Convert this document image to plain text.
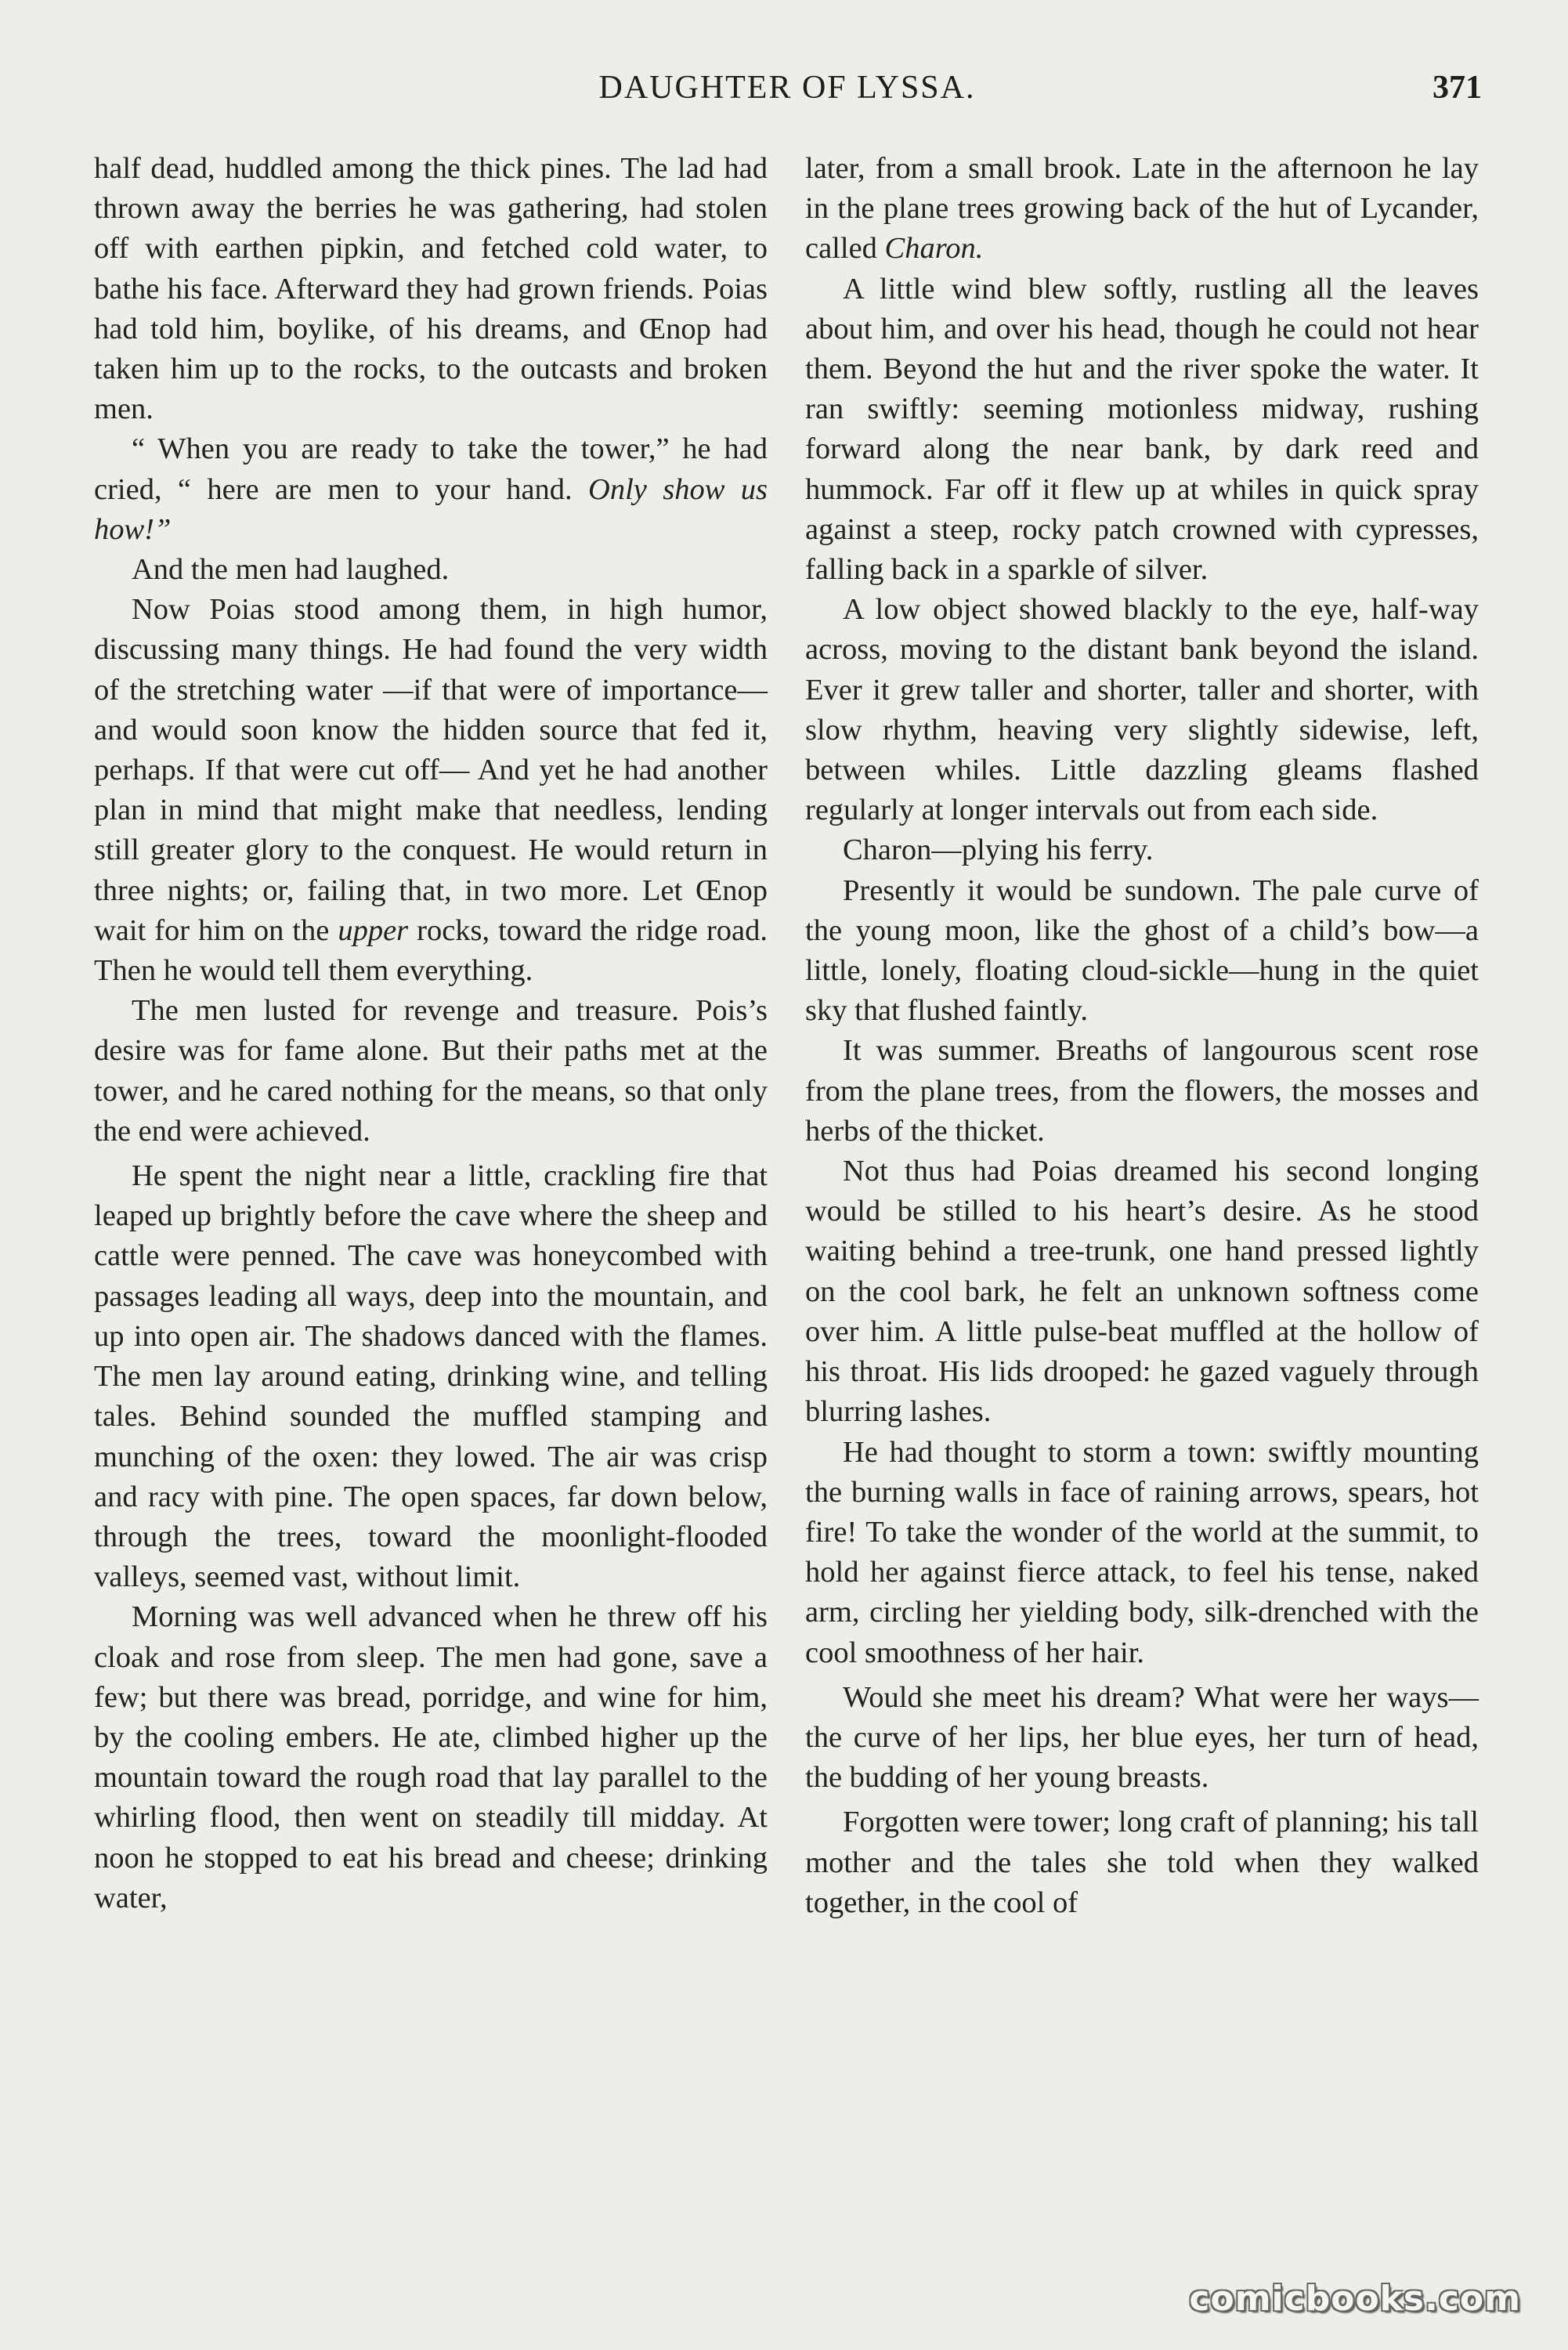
DAUGHTER OF LYSSA.	371

half dead, huddled among the thick pines. The lad had thrown away the berries he was gathering, had stolen off with earthen pipkin, and fetched cold water, to bathe his face. Afterward they had grown friends. Poias had told him, boylike, of his dreams, and Œnop had taken him up to the rocks, to the outcasts and broken men.

“ When you are ready to take the tower,” he had cried, “ here are men to your hand. Only show us how!”

And the men had laughed.

Now Poias stood among them, in high humor, discussing many things. He had found the very width of the stretching water —if that were of importance—and would soon know the hidden source that fed it, perhaps. If that were cut off— And yet he had another plan in mind that might make that needless, lending still greater glory to the conquest. He would return in three nights; or, failing that, in two more. Let Œnop wait for him on the upper rocks, toward the ridge road. Then he would tell them everything.

The men lusted for revenge and treasure. Pois’s desire was for fame alone. But their paths met at the tower, and he cared nothing for the means, so that only the end were achieved.

He spent the night near a little, crackling fire that leaped up brightly before the cave where the sheep and cattle were penned. The cave was honeycombed with passages leading all ways, deep into the mountain, and up into open air. The shadows danced with the flames. The men lay around eating, drinking wine, and telling tales. Behind sounded the muffled stamping and munching of the oxen: they lowed. The air was crisp and racy with pine. The open spaces, far down below, through the trees, toward the moonlight-flooded valleys, seemed vast, without limit.

Morning was well advanced when he threw off his cloak and rose from sleep. The men had gone, save a few; but there was bread, porridge, and wine for him, by the cooling embers. He ate, climbed higher up the mountain toward the rough road that lay parallel to the whirling flood, then went on steadily till midday. At noon he stopped to eat his bread and cheese; drinking water,

later, from a small brook. Late in the afternoon he lay in the plane trees growing back of the hut of Lycander, called Charon.

A little wind blew softly, rustling all the leaves about him, and over his head, though he could not hear them. Beyond the hut and the river spoke the water. It ran swiftly: seeming motionless midway, rushing forward along the near bank, by dark reed and hummock. Far off it flew up at whiles in quick spray against a steep, rocky patch crowned with cypresses, falling back in a sparkle of silver.

A low object showed blackly to the eye, half-way across, moving to the distant bank beyond the island. Ever it grew taller and shorter, taller and shorter, with slow rhythm, heaving very slightly sidewise, left, between whiles. Little dazzling gleams flashed regularly at longer intervals out from each side.

Charon—plying his ferry.

Presently it would be sundown. The pale curve of the young moon, like the ghost of a child’s bow—a little, lonely, floating cloud-sickle—hung in the quiet sky that flushed faintly.

It was summer. Breaths of langourous scent rose from the plane trees, from the flowers, the mosses and herbs of the thicket.

Not thus had Poias dreamed his second longing would be stilled to his heart’s desire. As he stood waiting behind a tree-trunk, one hand pressed lightly on the cool bark, he felt an unknown softness come over him. A little pulse-beat muffled at the hollow of his throat. His lids drooped: he gazed vaguely through blurring lashes.

He had thought to storm a town: swiftly mounting the burning walls in face of raining arrows, spears, hot fire! To take the wonder of the world at the summit, to hold her against fierce attack, to feel his tense, naked arm, circling her yielding body, silk-drenched with the cool smoothness of her hair.

Would she meet his dream? What were her ways—the curve of her lips, her blue eyes, her turn of head, the budding of her young breasts.

Forgotten were tower; long craft of planning; his tall mother and the tales she told when they walked together, in the cool of

comicbooks.com
